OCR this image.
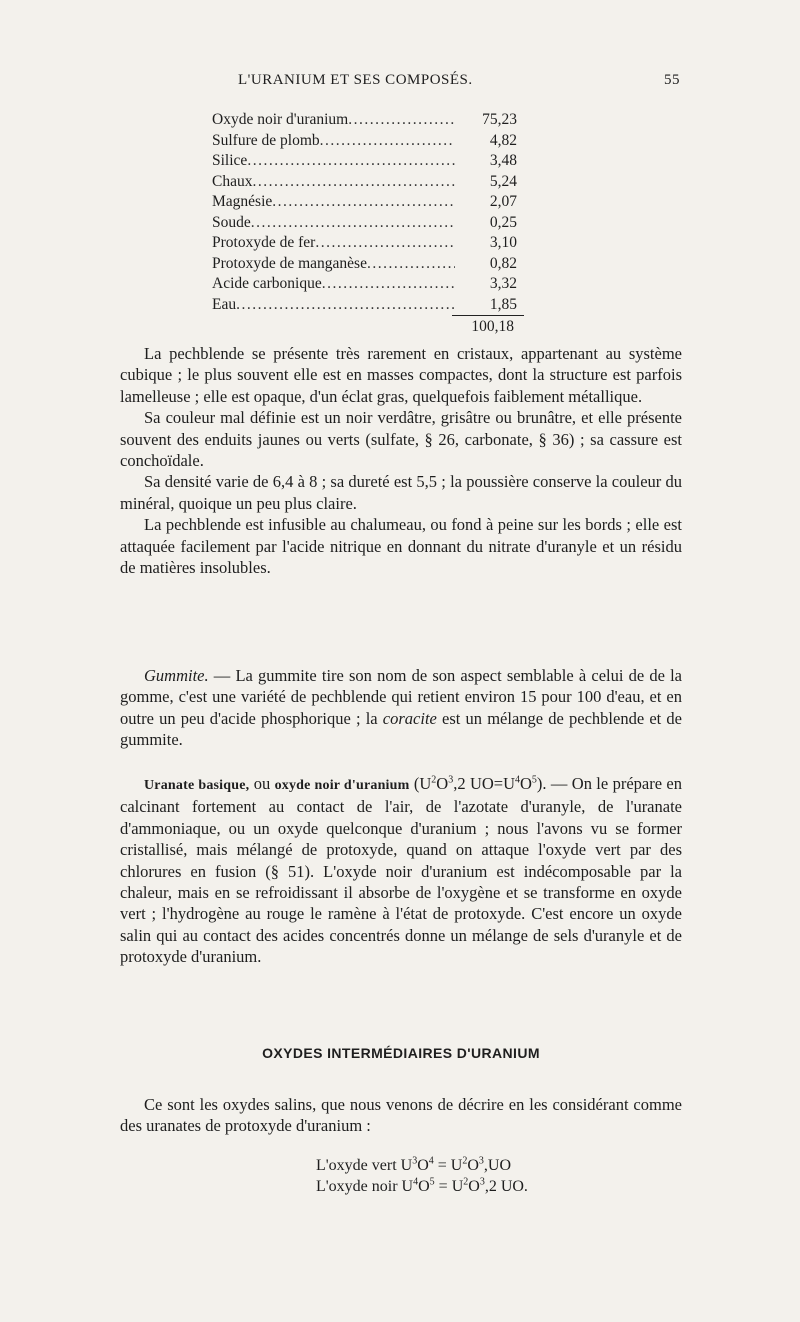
L'URANIUM ET SES COMPOSÉS.	55
Oxyde noir d'uranium .....	75,23
Sulfure de plomb .....	4,82
Silice .....	3,48
Chaux .....	5,24
Magnésie .....	2,07
Soude .....	0,25
Protoxyde de fer .....	3,10
Protoxyde de manganèse .....	0,82
Acide carbonique .....	3,32
Eau .....	1,85
100,18

La pechblende se présente très rarement en cristaux, appartenant au système cubique ; le plus souvent elle est en masses compactes, dont la structure est parfois lamelleuse ; elle est opaque, d'un éclat gras, quelquefois faiblement métallique.

Sa couleur mal définie est un noir verdâtre, grisâtre ou brunâtre, et elle présente souvent des enduits jaunes ou verts (sulfate, § 26, carbonate, § 36) ; sa cassure est conchoïdale.

Sa densité varie de 6,4 à 8 ; sa dureté est 5,5 ; la poussière conserve la couleur du minéral, quoique un peu plus claire.

La pechblende est infusible au chalumeau, ou fond à peine sur les bords ; elle est attaquée facilement par l'acide nitrique en donnant du nitrate d'uranyle et un résidu de matières insolubles.

Gummite. — La gummite tire son nom de son aspect semblable à celui de de la gomme, c'est une variété de pechblende qui retient environ 15 pour 100 d'eau, et en outre un peu d'acide phosphorique ; la coracite est un mélange de pechblende et de gummite.

Uranate basique, ou oxyde noir d'uranium ($U^2O^3,2$ $UO=U^4O^5$). — On le prépare en calcinant fortement au contact de l'air, de l'azotate d'uranyle, de l'uranate d'ammoniaque, ou un oxyde quelconque d'uranium ; nous l'avons vu se former cristallisé, mais mélangé de protoxyde, quand on attaque l'oxyde vert par des chlorures en fusion (§ 51). L'oxyde noir d'uranium est indécomposable par la chaleur, mais en se refroidissant il absorbe de l'oxygène et se transforme en oxyde vert ; l'hydrogène au rouge le ramène à l'état de protoxyde. C'est encore un oxyde salin qui au contact des acides concentrés donne un mélange de sels d'uranyle et de protoxyde d'uranium.

OXYDES INTERMÉDIAIRES D'URANIUM

Ce sont les oxydes salins, que nous venons de décrire en les considérant comme des uranates de protoxyde d'uranium :

L'oxyde vert $U^3O^4 = U^2O^3,UO$
L'oxyde noir $U^4O^5 = U^2O^3,2$ UO.
